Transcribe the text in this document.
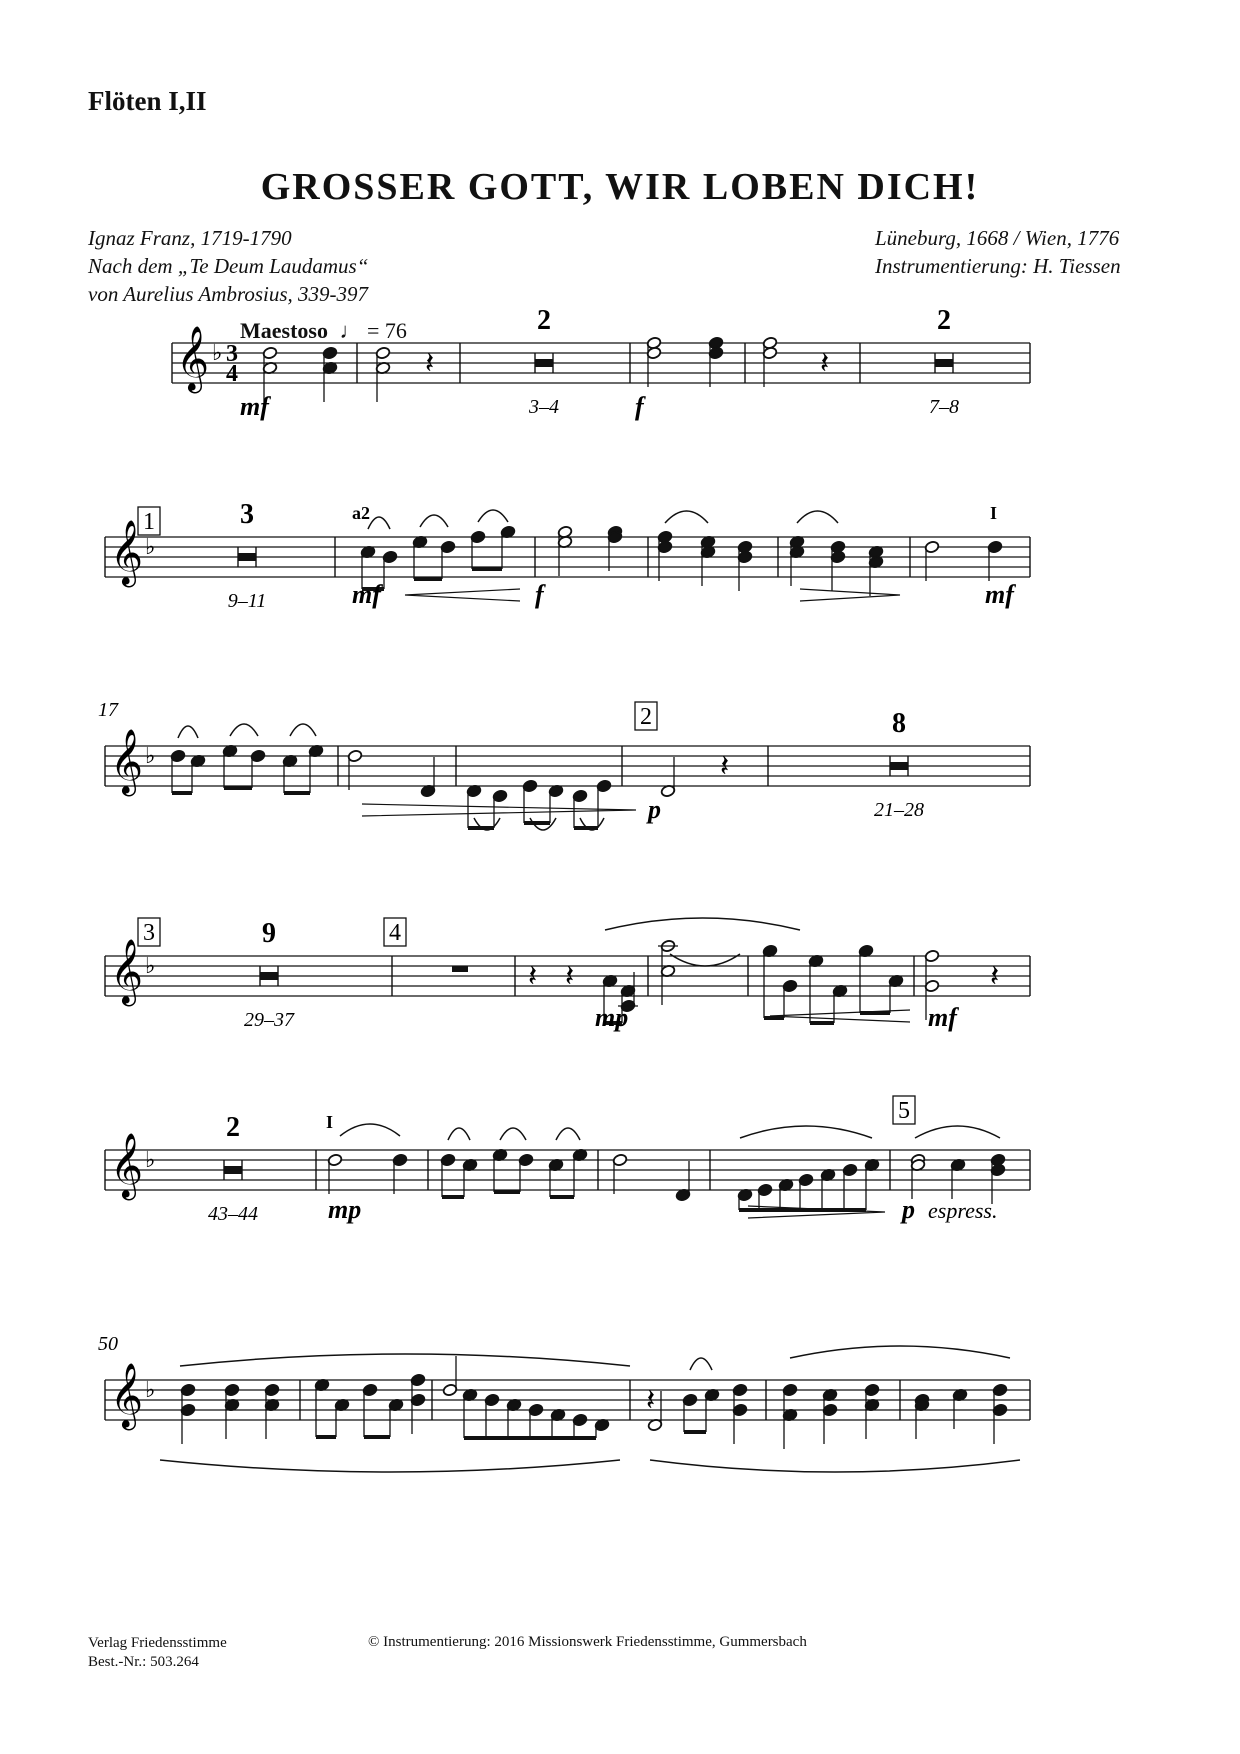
Flöten I,II
GROSSER GOTT, WIR LOBEN DICH!
Ignaz Franz, 1719-1790
Nach dem „Te Deum Laudamus“
von Aurelius Ambrosius, 339-397
Lüneburg, 1668 / Wien, 1776
Instrumentierung: H. Tiessen
Maestoso ♩ = 76
𝄞 ♭ 3
4	𝄽
2
3–4
𝄽
2
7–8
mf	f
𝄞 ♭
1	3
9–11
a2	I
mf	f	mf
𝄞 ♭
17	2
𝄽
8
21–28
p
𝄞 ♭
3	9
29–37
4
𝄽 𝄽	𝄽
mp	mf
𝄞 ♭
2
43–44
I	5
mp	p espress.
𝄞 ♭
50
𝄽
Verlag Friedensstimme
Best.-Nr.: 503.264
© Instrumentierung: 2016 Missionswerk Friedensstimme, Gummersbach
